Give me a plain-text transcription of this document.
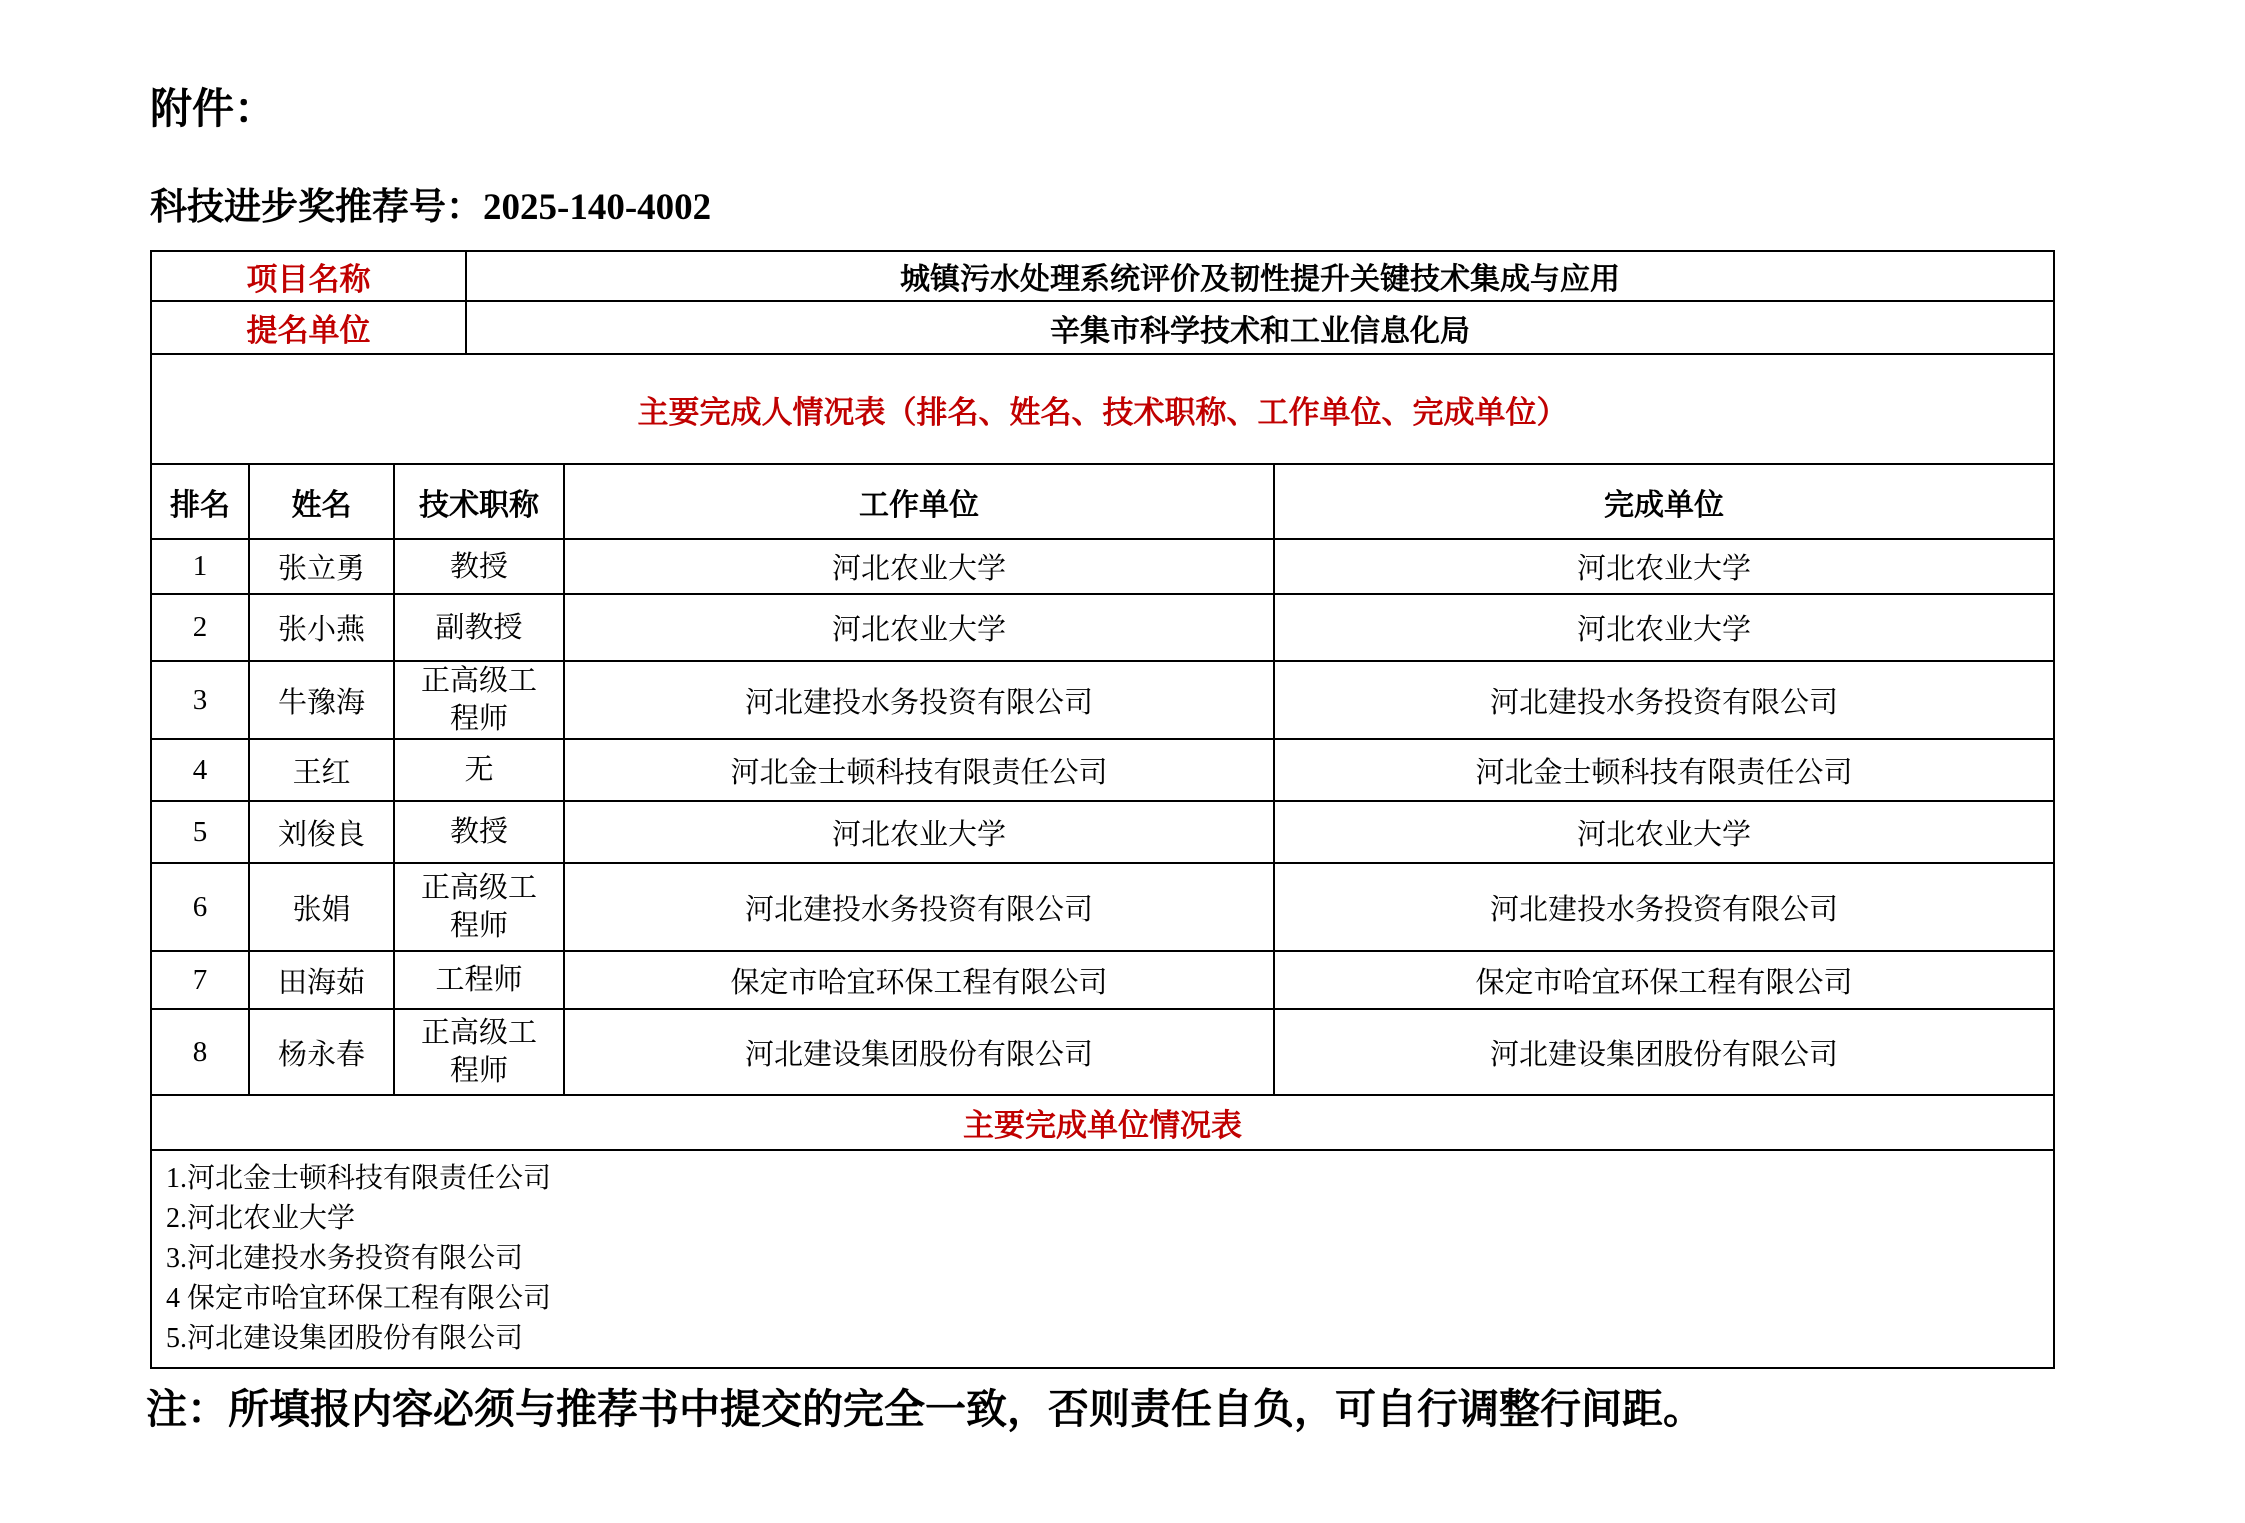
附件：
科技进步奖推荐号：2025-140-4002
项目名称	城镇污水处理系统评价及韧性提升关键技术集成与应用
提名单位	辛集市科学技术和工业信息化局
主要完成人情况表（排名、姓名、技术职称、工作单位、完成单位）				
排名	姓名	技术职称	工作单位	完成单位
1	张立勇	教授	河北农业大学	河北农业大学
2	张小燕	副教授	河北农业大学	河北农业大学
3	牛豫海	正高级工程师	河北建投水务投资有限公司	河北建投水务投资有限公司
4	王红	无	河北金士顿科技有限责任公司	河北金士顿科技有限责任公司
5	刘俊良	教授	河北农业大学	河北农业大学
6	张娟	正高级工程师	河北建投水务投资有限公司	河北建投水务投资有限公司
7	田海茹	工程师	保定市哈宜环保工程有限公司	保定市哈宜环保工程有限公司
8	杨永春	正高级工程师	河北建设集团股份有限公司	河北建设集团股份有限公司
主要完成单位情况表				

1.河北金士顿科技有限责任公司
2.河北农业大学
3.河北建投水务投资有限公司
4 保定市哈宜环保工程有限公司
5.河北建设集团股份有限公司				
注：所填报内容必须与推荐书中提交的完全一致，否则责任自负，可自行调整行间距。
